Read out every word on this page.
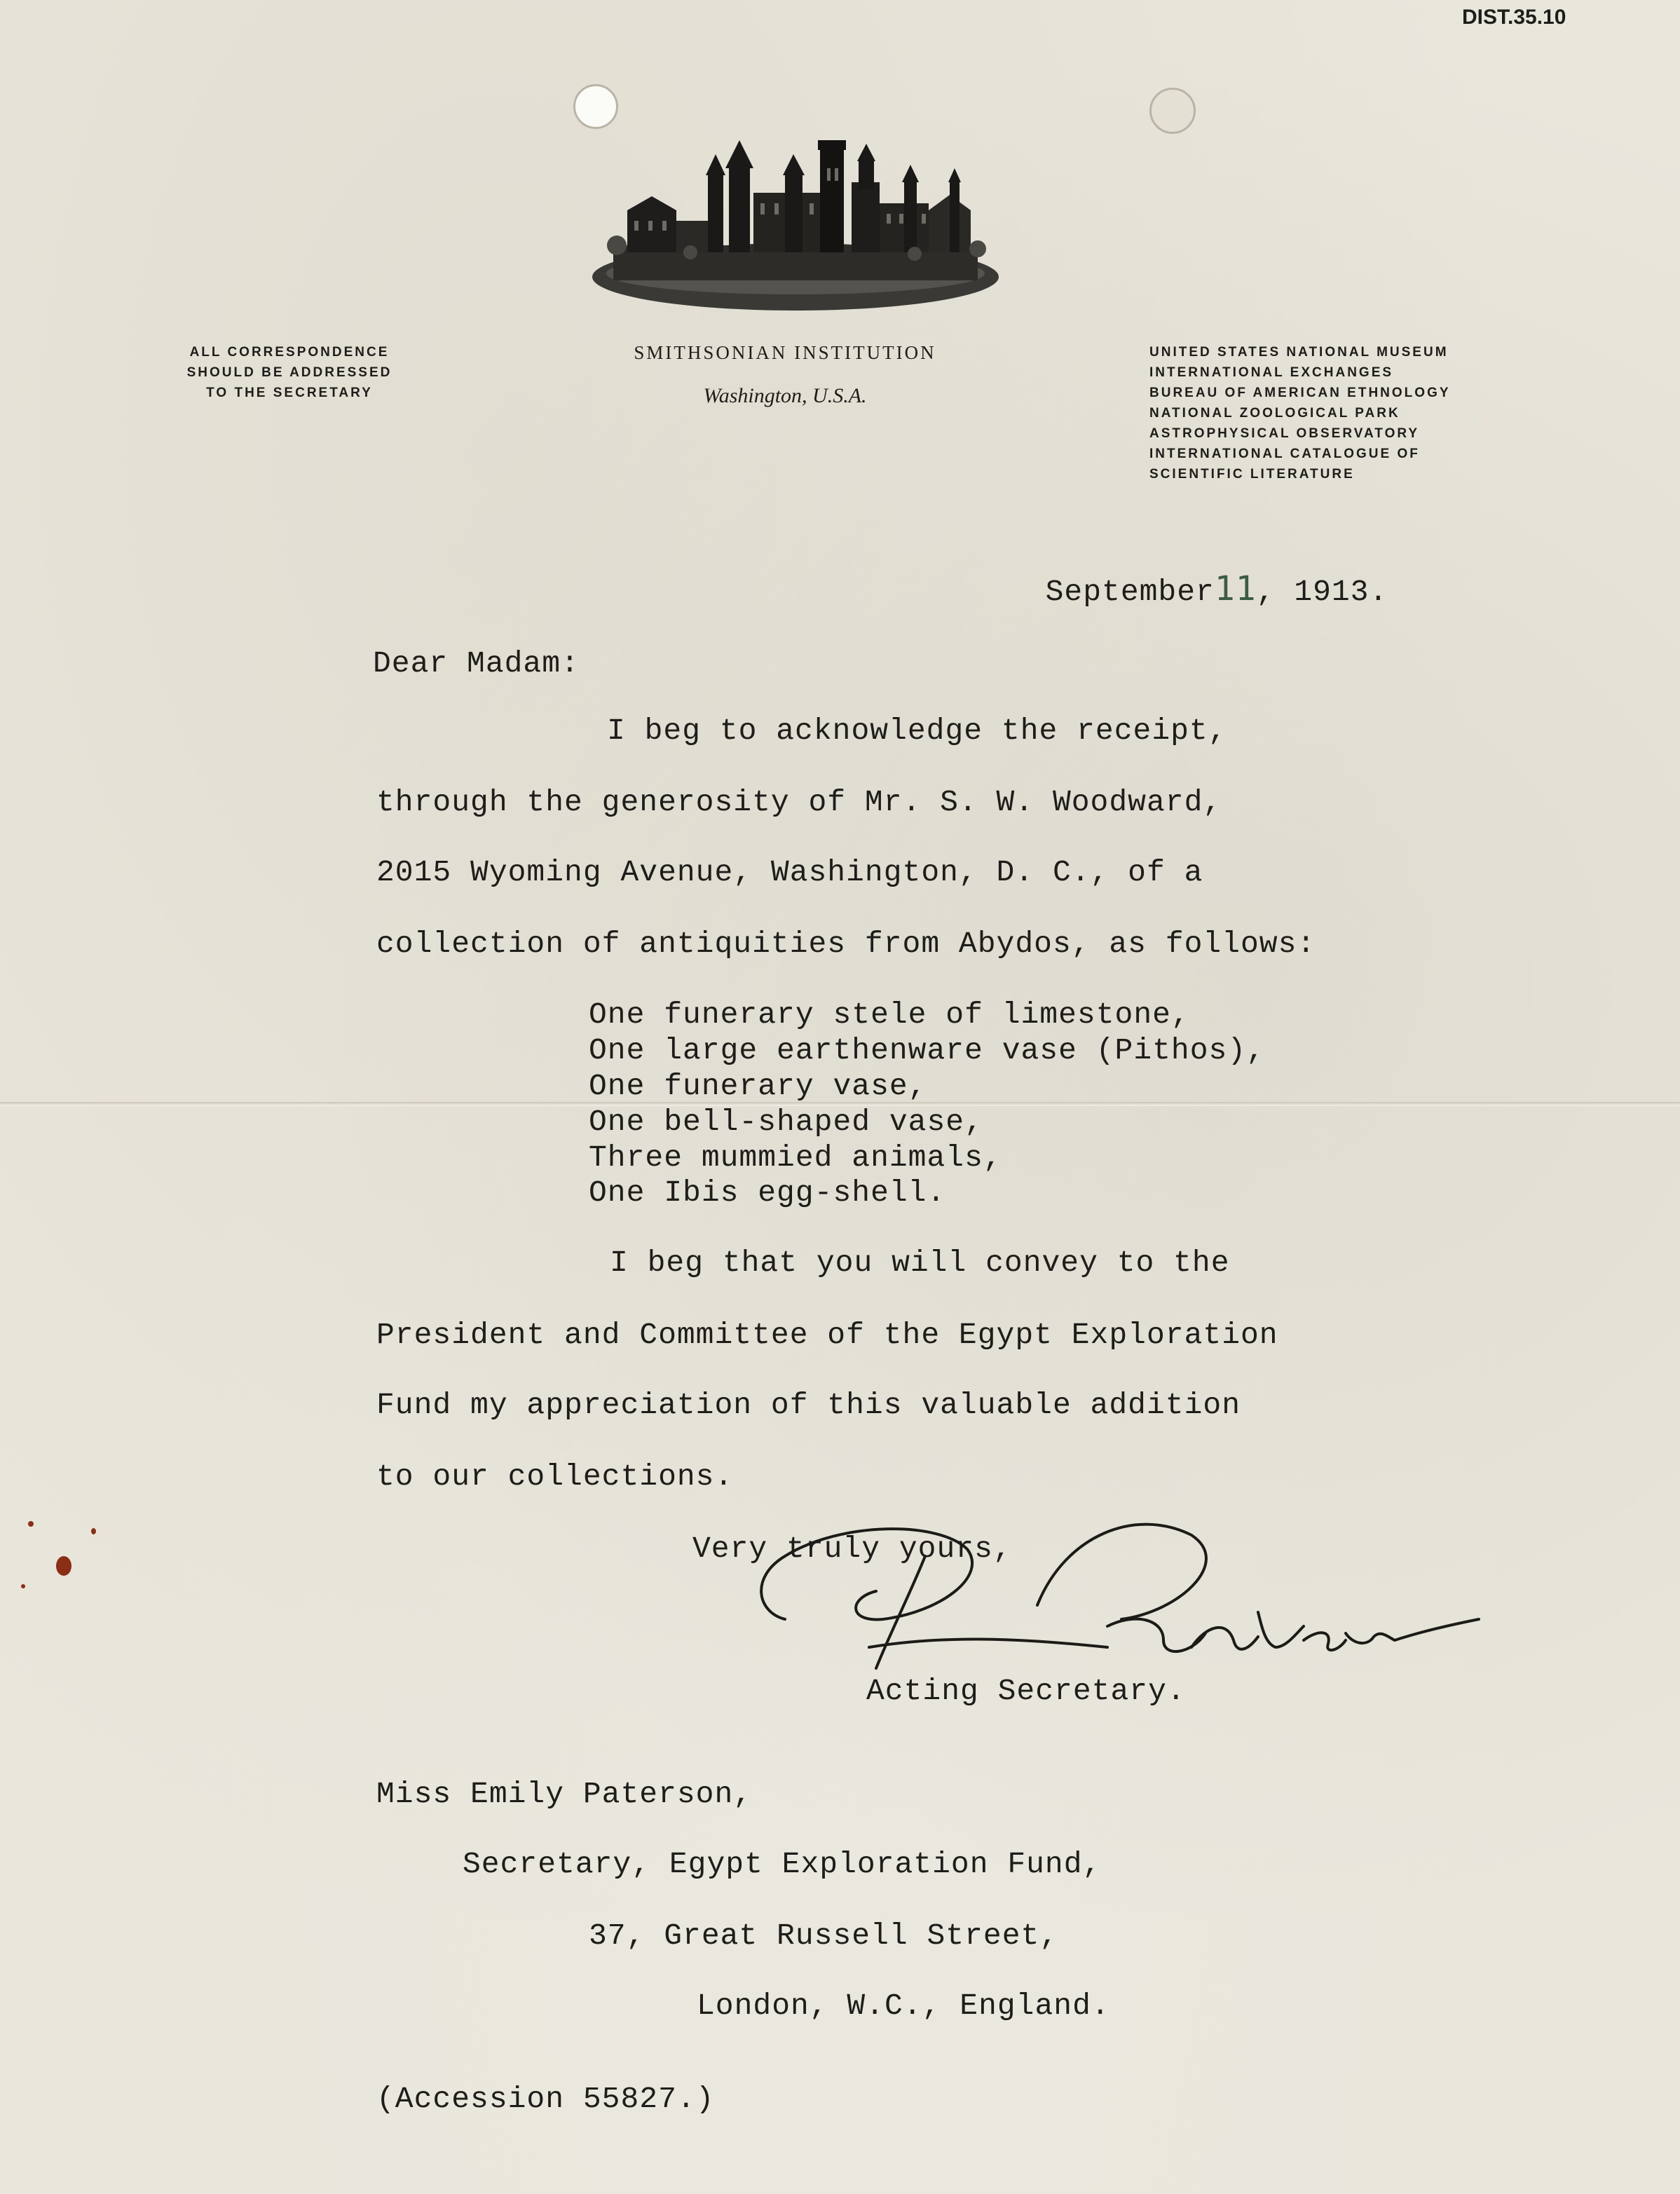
DIST.35.10
ALL CORRESPONDENCE
SHOULD BE ADDRESSED
TO THE SECRETARY
SMITHSONIAN INSTITUTION
Washington, U.S.A.
UNITED STATES NATIONAL MUSEUM
INTERNATIONAL EXCHANGES
BUREAU OF AMERICAN ETHNOLOGY
NATIONAL ZOOLOGICAL PARK
ASTROPHYSICAL OBSERVATORY
INTERNATIONAL CATALOGUE OF
SCIENTIFIC LITERATURE

September11, 1913.

Dear Madam:
I beg to acknowledge the receipt,
through the generosity of Mr. S. W. Woodward,
2015 Wyoming Avenue, Washington, D. C., of a
collection of antiquities from Abydos, as follows:
One funerary stele of limestone,
One large earthenware vase (Pithos),
One funerary vase,
One bell-shaped vase,
Three mummied animals,
One Ibis egg-shell.
I beg that you will convey to the
President and Committee of the Egypt Exploration
Fund my appreciation of this valuable addition
to our collections.
Very truly yours,
Acting Secretary.
Miss Emily Paterson,
Secretary, Egypt Exploration Fund,
37, Great Russell Street,
London, W.C., England.
(Accession 55827.)
